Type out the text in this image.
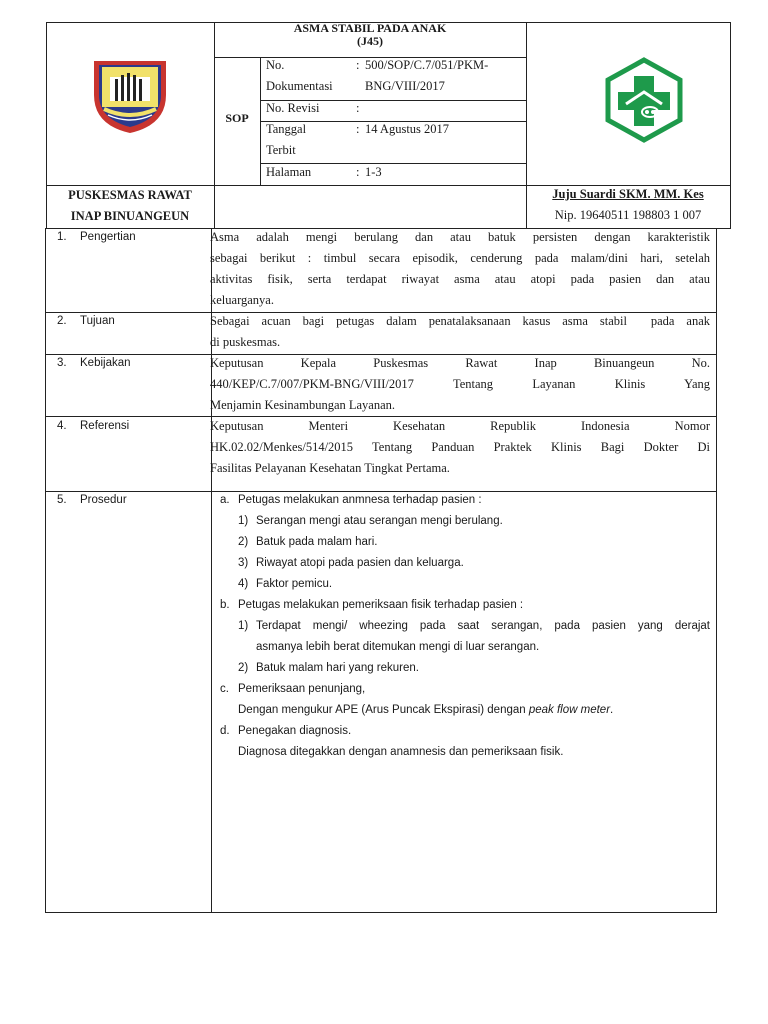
ASMA STABIL PADA ANAK
(J45)
SOP
No.
Dokumentasi
: 500/SOP/C.7/051/PKM-
BNG/VIII/2017
No. Revisi	:
Tanggal
Terbit
: 14 Agustus 2017
Halaman	: 1-3
PUSKESMAS RAWAT
INAP BINUANGEUN
Juju Suardi SKM. MM. Kes
Nip. 19640511 198803 1 007
1. Pengertian
2. Tujuan
3. Kebijakan
4. Referensi
5. Prosedur
Asma adalah mengi berulang dan atau batuk persisten dengan karakteristik
sebagai berikut : timbul secara episodik, cenderung pada malam/dini hari, setelah
aktivitas fisik, serta terdapat riwayat asma atau atopi pada pasien dan atau
keluarganya.
Sebagai acuan bagi petugas dalam penatalaksanaan kasus asma stabil  pada anak
di puskesmas.
Keputusan Kepala Puskesmas Rawat Inap Binuangeun No.
440/KEP/C.7/007/PKM-BNG/VIII/2017 Tentang Layanan Klinis Yang
Menjamin Kesinambungan Layanan.
Keputusan Menteri Kesehatan Republik Indonesia Nomor
HK.02.02/Menkes/514/2015 Tentang Panduan Praktek Klinis Bagi Dokter Di
Fasilitas Pelayanan Kesehatan Tingkat Pertama.
a. Petugas melakukan anmnesa terhadap pasien :
1) Serangan mengi atau serangan mengi berulang.
2) Batuk pada malam hari.
3) Riwayat atopi pada pasien dan keluarga.
4) Faktor pemicu.
b. Petugas melakukan pemeriksaan fisik terhadap pasien :
1) Terdapat mengi/ wheezing pada saat serangan, pada pasien yang derajat
asmanya lebih berat ditemukan mengi di luar serangan.
2) Batuk malam hari yang rekuren.
c. Pemeriksaan penunjang,
Dengan mengukur APE (Arus Puncak Ekspirasi) dengan peak flow meter.
d. Penegakan diagnosis.
Diagnosa ditegakkan dengan anamnesis dan pemeriksaan fisik.
